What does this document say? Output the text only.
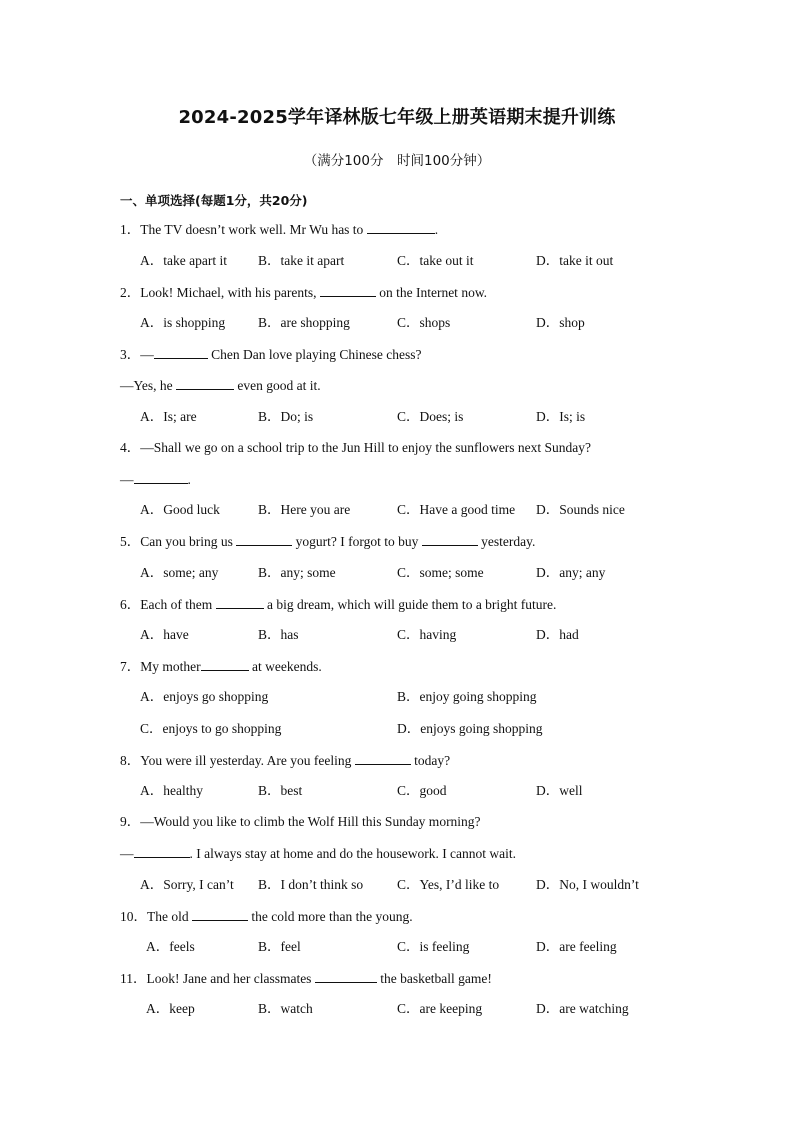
2024-2025学年译林版七年级上册英语期末提升训练
（满分100分　时间100分钟）
一、单项选择(每题1分，共20分)
1．The TV doesn’t work well. Mr Wu has to	.
A．take apart it B．take it apart	C．take out it	D．take it out
2．Look! Michael, with his parents,	on the Internet now.
A．is shopping B．are shopping	C．shops	D．shop
3．—	Chen Dan love playing Chinese chess?
—Yes, he	even good at it.
A．Is; are	B．Do; is	C．Does; is	D．Is; is
4．—Shall we go on a school trip to the Jun Hill to enjoy the sunflowers next Sunday?
—	.
A．Good luck	B．Here you are	C．Have a good time D．Sounds nice
5．Can you bring us	yogurt? I forgot to buy	yesterday.
A．some; any	B．any; some	C．some; some	D．any; any
6．Each of them	a big dream, which will guide them to a bright future.
A．have	B．has	C．having	D．had
7．My mother	at weekends.
A．enjoys go shopping	B．enjoy going shopping
C．enjoys to go shopping	D．enjoys going shopping
8．You were ill yesterday. Are you feeling	today?
A．healthy	B．best	C．good	D．well
9．—Would you like to climb the Wolf Hill this Sunday morning?
—	. I always stay at home and do the housework. I cannot wait.
A．Sorry, I can’t B．I don’t think so	C．Yes, I’d like to	D．No, I wouldn’t
10．The old	the cold more than the young.
A．feels	B．feel	C．is feeling	D．are feeling
11．Look! Jane and her classmates	the basketball game!
A．keep	B．watch	C．are keeping	D．are watching
